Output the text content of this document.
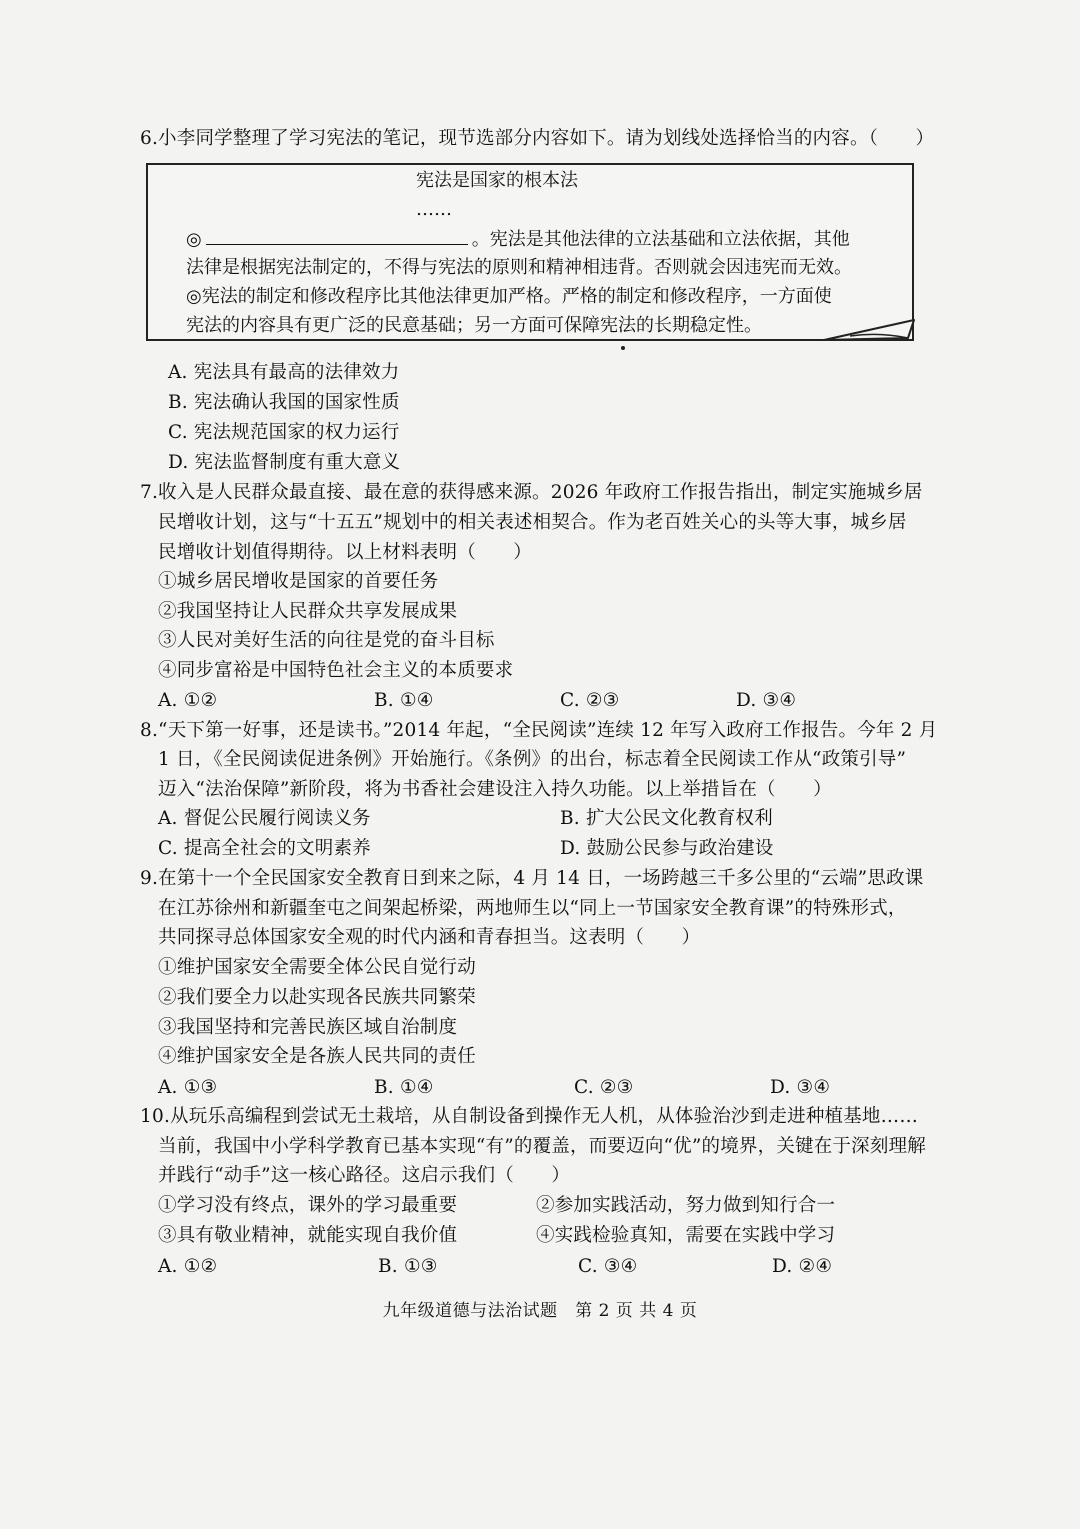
6.小李同学整理了学习宪法的笔记，现节选部分内容如下。请为划线处选择恰当的内容。（　　）
宪法是国家的根本法
……
◎	。宪法是其他法律的立法基础和立法依据，其他
法律是根据宪法制定的，不得与宪法的原则和精神相违背。否则就会因违宪而无效。
◎宪法的制定和修改程序比其他法律更加严格。严格的制定和修改程序，一方面使
宪法的内容具有更广泛的民意基础；另一方面可保障宪法的长期稳定性。
A. 宪法具有最高的法律效力
B. 宪法确认我国的国家性质
C. 宪法规范国家的权力运行
D. 宪法监督制度有重大意义
7.收入是人民群众最直接、最在意的获得感来源。2026 年政府工作报告指出，制定实施城乡居
民增收计划，这与“十五五”规划中的相关表述相契合。作为老百姓关心的头等大事，城乡居
民增收计划值得期待。以上材料表明（　　）
①城乡居民增收是国家的首要任务
②我国坚持让人民群众共享发展成果
③人民对美好生活的向往是党的奋斗目标
④同步富裕是中国特色社会主义的本质要求
A. ①②	B. ①④	C. ②③	D. ③④
8.“天下第一好事，还是读书。”2014 年起，“全民阅读”连续 12 年写入政府工作报告。今年 2 月
1 日，《全民阅读促进条例》开始施行。《条例》的出台，标志着全民阅读工作从“政策引导”
迈入“法治保障”新阶段，将为书香社会建设注入持久功能。以上举措旨在（　　）
A. 督促公民履行阅读义务	B. 扩大公民文化教育权利
C. 提高全社会的文明素养	D. 鼓励公民参与政治建设
9.在第十一个全民国家安全教育日到来之际，4 月 14 日，一场跨越三千多公里的“云端”思政课
在江苏徐州和新疆奎屯之间架起桥梁，两地师生以“同上一节国家安全教育课”的特殊形式，
共同探寻总体国家安全观的时代内涵和青春担当。这表明（　　）
①维护国家安全需要全体公民自觉行动
②我们要全力以赴实现各民族共同繁荣
③我国坚持和完善民族区域自治制度
④维护国家安全是各族人民共同的责任
A. ①③	B. ①④	C. ②③	D. ③④
10.从玩乐高编程到尝试无土栽培，从自制设备到操作无人机，从体验治沙到走进种植基地……
当前，我国中小学科学教育已基本实现“有”的覆盖，而要迈向“优”的境界，关键在于深刻理解
并践行“动手”这一核心路径。这启示我们（　　）
①学习没有终点，课外的学习最重要	②参加实践活动，努力做到知行合一
③具有敬业精神，就能实现自我价值	④实践检验真知，需要在实践中学习
A. ①②	B. ①③	C. ③④	D. ②④
九年级道德与法治试题　第 2 页 共 4 页
